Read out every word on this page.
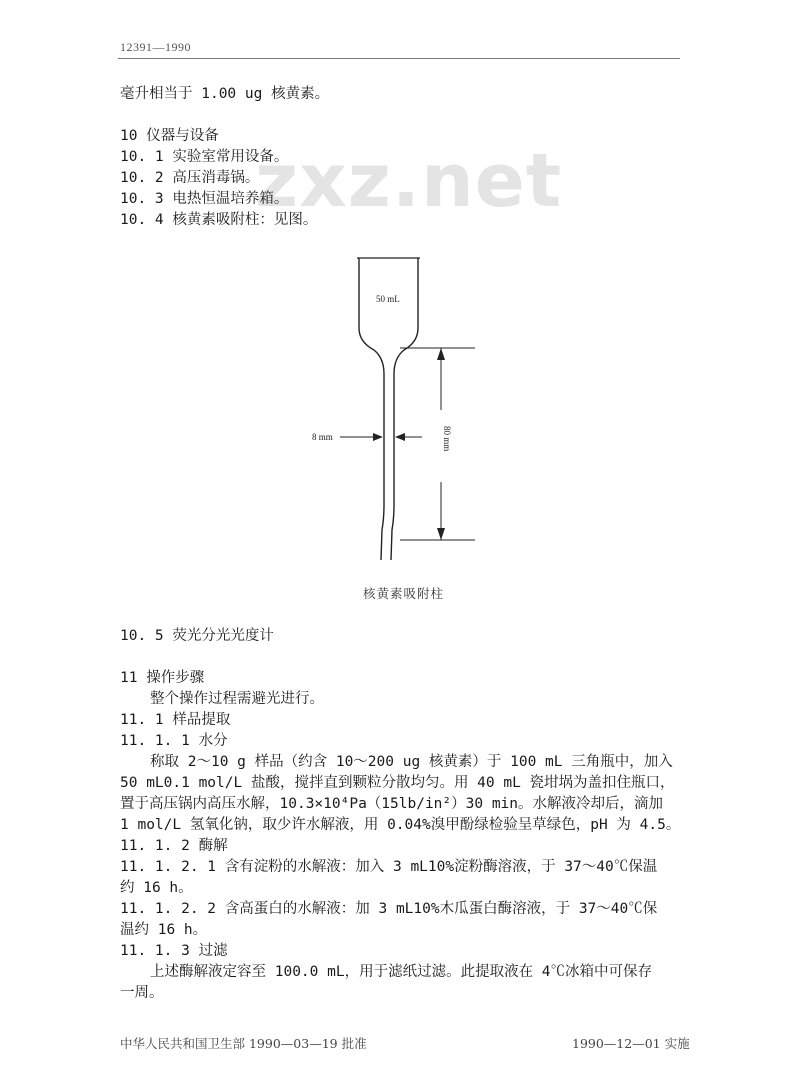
12391—1990
zxz.net
毫升相当于 1.00 ug 核黄素。
10 仪器与设备
10. 1 实验室常用设备。
10. 2 高压消毒锅。
10. 3 电热恒温培养箱。
10. 4 核黄素吸附柱：见图。
50 mL
8 mm	80 mm
核黄素吸附柱
10. 5 荧光分光光度计
11 操作步骤
整个操作过程需避光进行。
11. 1 样品提取
11. 1. 1 水分
称取 2～10 g 样品（约含 10～200 ug 核黄素）于 100 mL 三角瓶中，加入
50 mL0.1 mol/L 盐酸，搅拌直到颗粒分散均匀。用 40 mL 瓷坩埚为盖扣住瓶口，
置于高压锅内高压水解，10.3×10⁴Pa（15lb/in²）30 min。水解液冷却后，滴加
1 mol/L 氢氧化钠，取少许水解液，用 0.04%溴甲酚绿检验呈草绿色，pH 为 4.5。
11. 1. 2 酶解
11. 1. 2. 1 含有淀粉的水解液：加入 3 mL10%淀粉酶溶液，于 37～40℃保温
约 16 h。
11. 1. 2. 2 含高蛋白的水解液：加 3 mL10%木瓜蛋白酶溶液，于 37～40℃保
温约 16 h。
11. 1. 3 过滤
上述酶解液定容至 100.0 mL，用于滤纸过滤。此提取液在 4℃冰箱中可保存
一周。
中华人民共和国卫生部 1990—03—19 批准	1990—12—01 实施
